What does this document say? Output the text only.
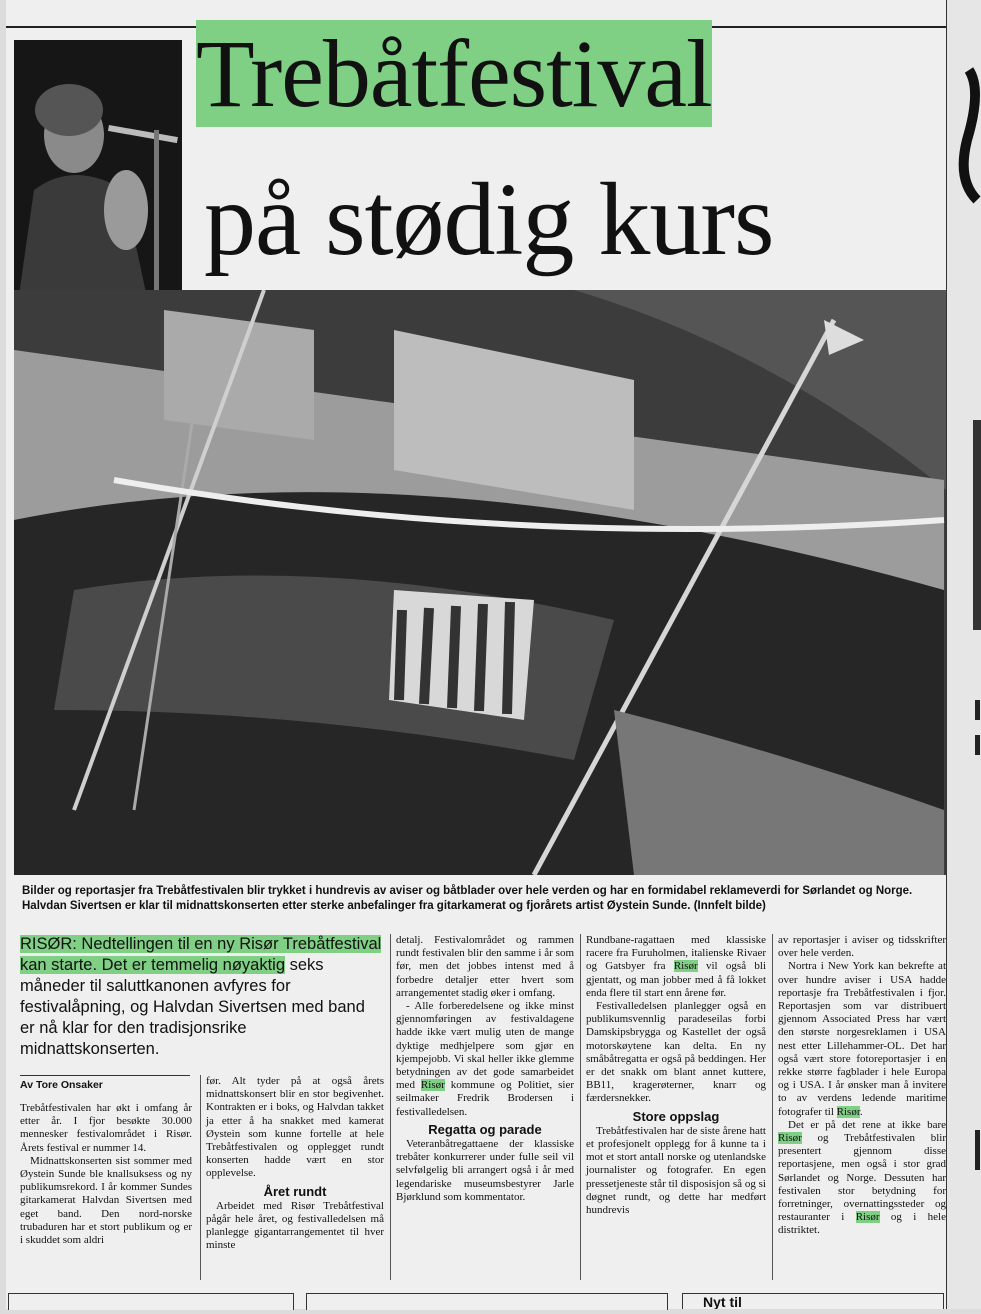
Trebåtfestival
på stødig kurs
Bilder og reportasjer fra Trebåtfestivalen blir trykket i hundrevis av aviser og båtblader over hele verden og har en formidabel reklameverdi for Sørlandet og Norge. Halvdan Sivertsen er klar til midnattskonserten etter sterke anbefalinger fra gitarkamerat og fjorårets artist Øystein Sunde. (Innfelt bilde)
RISØR: Nedtellingen til en ny Risør Trebåtfestival kan starte. Det er temmelig nøyaktig seks måneder til saluttkanonen avfyres for festivalåpning, og Halvdan Sivertsen med band er nå klar for den tradisjonsrike midnattskonserten.
Av Tore Onsaker

Trebåtfestivalen har økt i omfang år etter år. I fjor besøkte 30.000 mennesker festivalområdet i Risør. Årets festival er nummer 14.

Midnattskonserten sist sommer med Øystein Sunde ble knallsuksess og ny publikumsrekord. I år kommer Sundes gitarkamerat Halvdan Sivertsen med eget band. Den nord-norske trubaduren har et stort publikum og er i skuddet som aldri

før. Alt tyder på at også årets midnattskonsert blir en stor begivenhet. Kontrakten er i boks, og Halvdan takket ja etter å ha snakket med kamerat Øystein som kunne fortelle at hele Trebåtfestivalen og opplegget rundt konserten hadde vært en stor opplevelse.

Året rundt

Arbeidet med Risør Trebåtfestival pågår hele året, og festivalledelsen må planlegge gigantarrangementet til hver minste

detalj. Festivalområdet og rammen rundt festivalen blir den samme i år som før, men det jobbes intenst med å forbedre detaljer etter hvert som arrangementet stadig øker i omfang.

- Alle forberedelsene og ikke minst gjennomføringen av festivaldagene hadde ikke vært mulig uten de mange dyktige medhjelpere som gjør en kjempejobb. Vi skal heller ikke glemme betydningen av det gode samarbeidet med Risør kommune og Politiet, sier seilmaker Fredrik Brodersen i festivalledelsen.

Regatta og parade

Veteranbåtregattaene der klassiske trebåter konkurrerer under fulle seil vil selvfølgelig bli arrangert også i år med legendariske museumsbestyrer Jarle Bjørklund som kommentator.

Rundbane-ragattaen med klassiske racere fra Furuholmen, italienske Rivaer og Gatsbyer fra Risør vil også bli gjentatt, og man jobber med å få lokket enda flere til start enn årene før.

Festivalledelsen planlegger også en publikumsvennlig paradeseilas forbi Damskipsbrygga og Kastellet der også motorskøytene kan delta. En ny småbåtregatta er også på beddingen. Her er det snakk om blant annet kuttere, BB11, kragerøterner, knarr og færdersnekker.

Store oppslag

Trebåtfestivalen har de siste årene hatt et profesjonelt opplegg for å kunne ta i mot et stort antall norske og utenlandske journalister og fotografer. En egen pressetjeneste står til disposisjon så og si døgnet rundt, og dette har medført hundrevis

av reportasjer i aviser og tidsskrifter over hele verden.

Nortra i New York kan bekrefte at over hundre aviser i USA hadde reportasje fra Trebåtfestivalen i fjor. Reportasjen som var distribuert gjennom Associated Press har vært den største norgesreklamen i USA nest etter Lillehammer-OL. Det har også vært store fotoreportasjer i en rekke større fagblader i hele Europa og i USA. I år ønsker man å invitere to av verdens ledende maritime fotografer til Risør.

Det er på det rene at ikke bare Risør og Trebåtfestivalen blir presentert gjennom disse reportasjene, men også i stor grad Sørlandet og Norge. Dessuten har festivalen stor betydning for forretninger, overnattingssteder og restauranter i Risør og i hele distriktet.

Nyt til
